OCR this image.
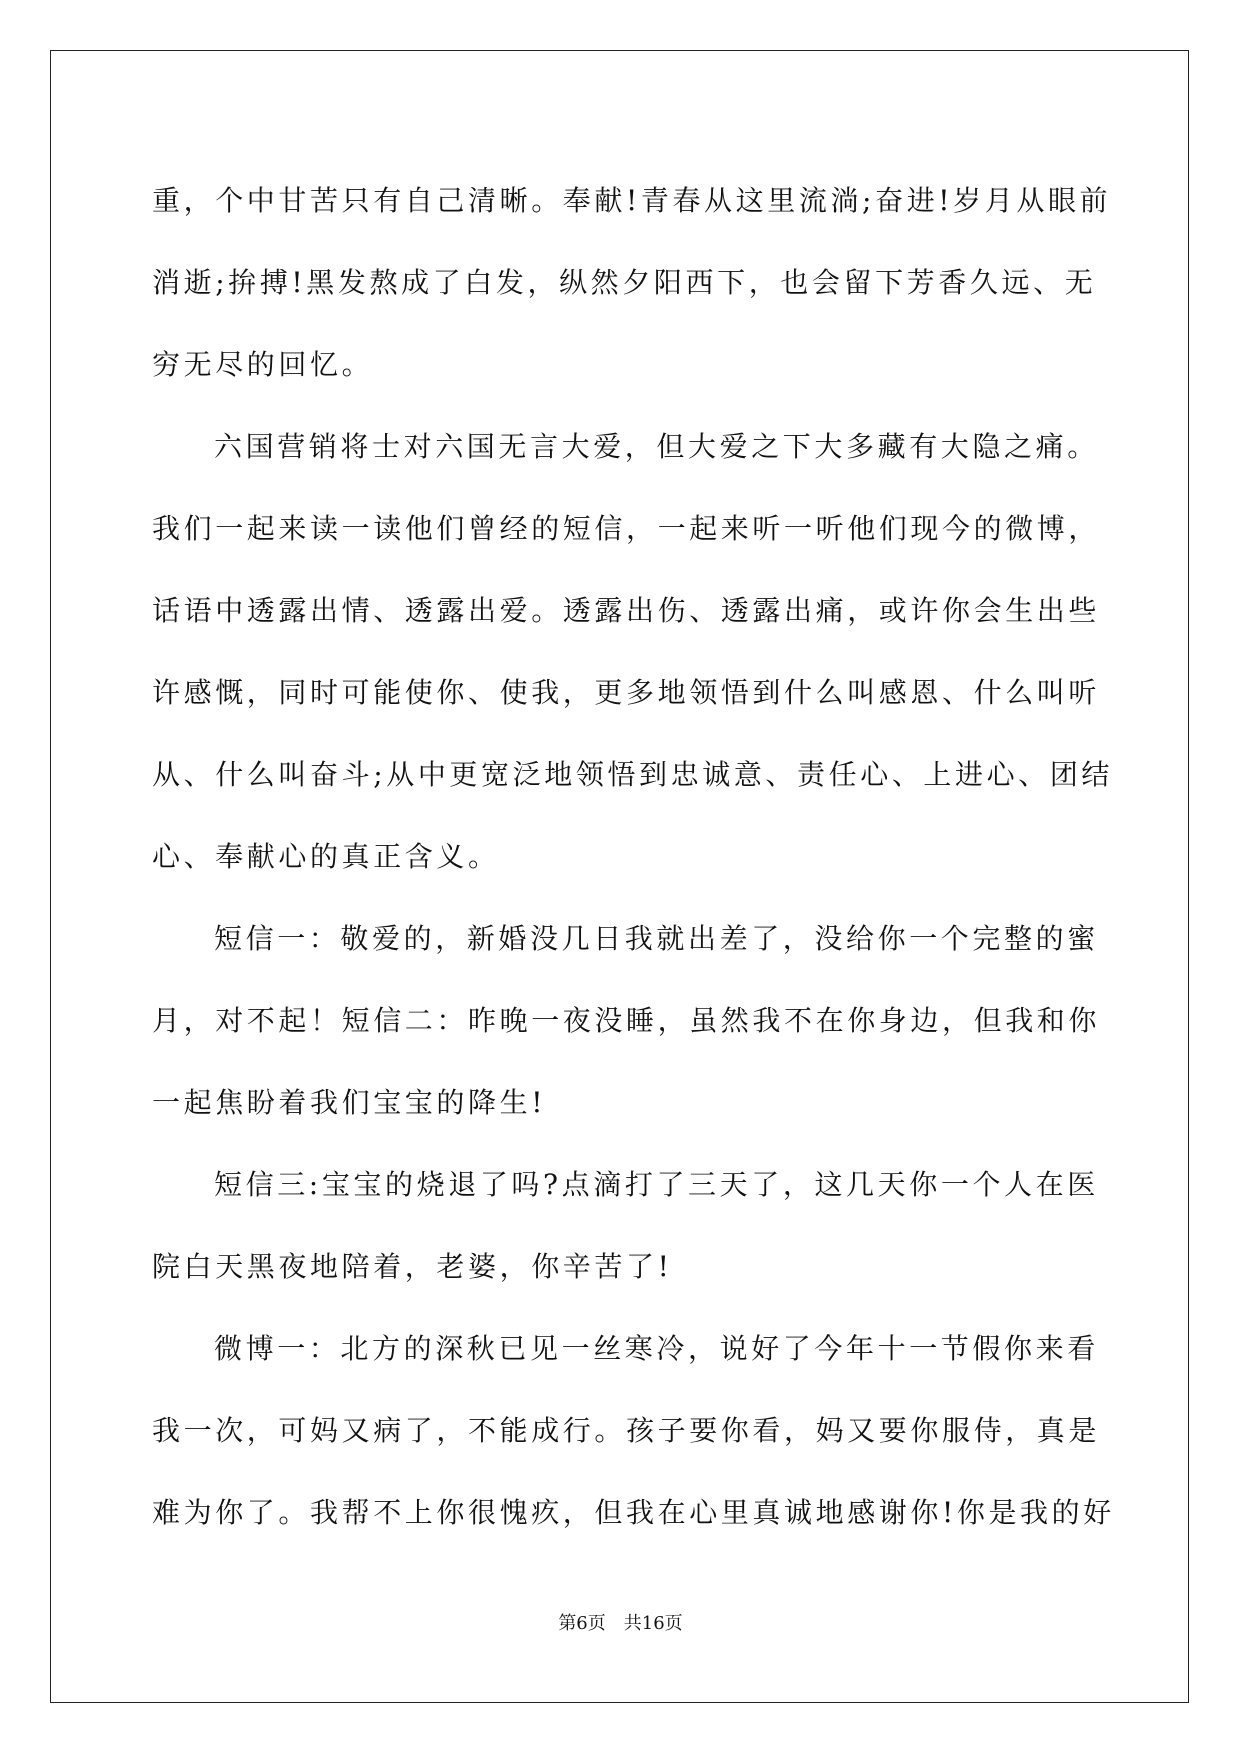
重，个中甘苦只有自己清晰。奉献!青春从这里流淌;奋进!岁月从眼前
消逝;拚搏!黑发熬成了白发，纵然夕阳西下，也会留下芳香久远、无
穷无尽的回忆。
六国营销将士对六国无言大爱，但大爱之下大多藏有大隐之痛。
我们一起来读一读他们曾经的短信，一起来听一听他们现今的微博，
话语中透露出情、透露出爱。透露出伤、透露出痛，或许你会生出些
许感慨，同时可能使你、使我，更多地领悟到什么叫感恩、什么叫听
从、什么叫奋斗;从中更宽泛地领悟到忠诚意、责任心、上进心、团结
心、奉献心的真正含义。
短信一：敬爱的，新婚没几日我就出差了，没给你一个完整的蜜
月，对不起！短信二：昨晚一夜没睡，虽然我不在你身边，但我和你
一起焦盼着我们宝宝的降生!
短信三:宝宝的烧退了吗?点滴打了三天了，这几天你一个人在医
院白天黑夜地陪着，老婆，你辛苦了!
微博一：北方的深秋已见一丝寒冷，说好了今年十一节假你来看
我一次，可妈又病了，不能成行。孩子要你看，妈又要你服侍，真是
难为你了。我帮不上你很愧疚，但我在心里真诚地感谢你!你是我的好
第6页　共16页
